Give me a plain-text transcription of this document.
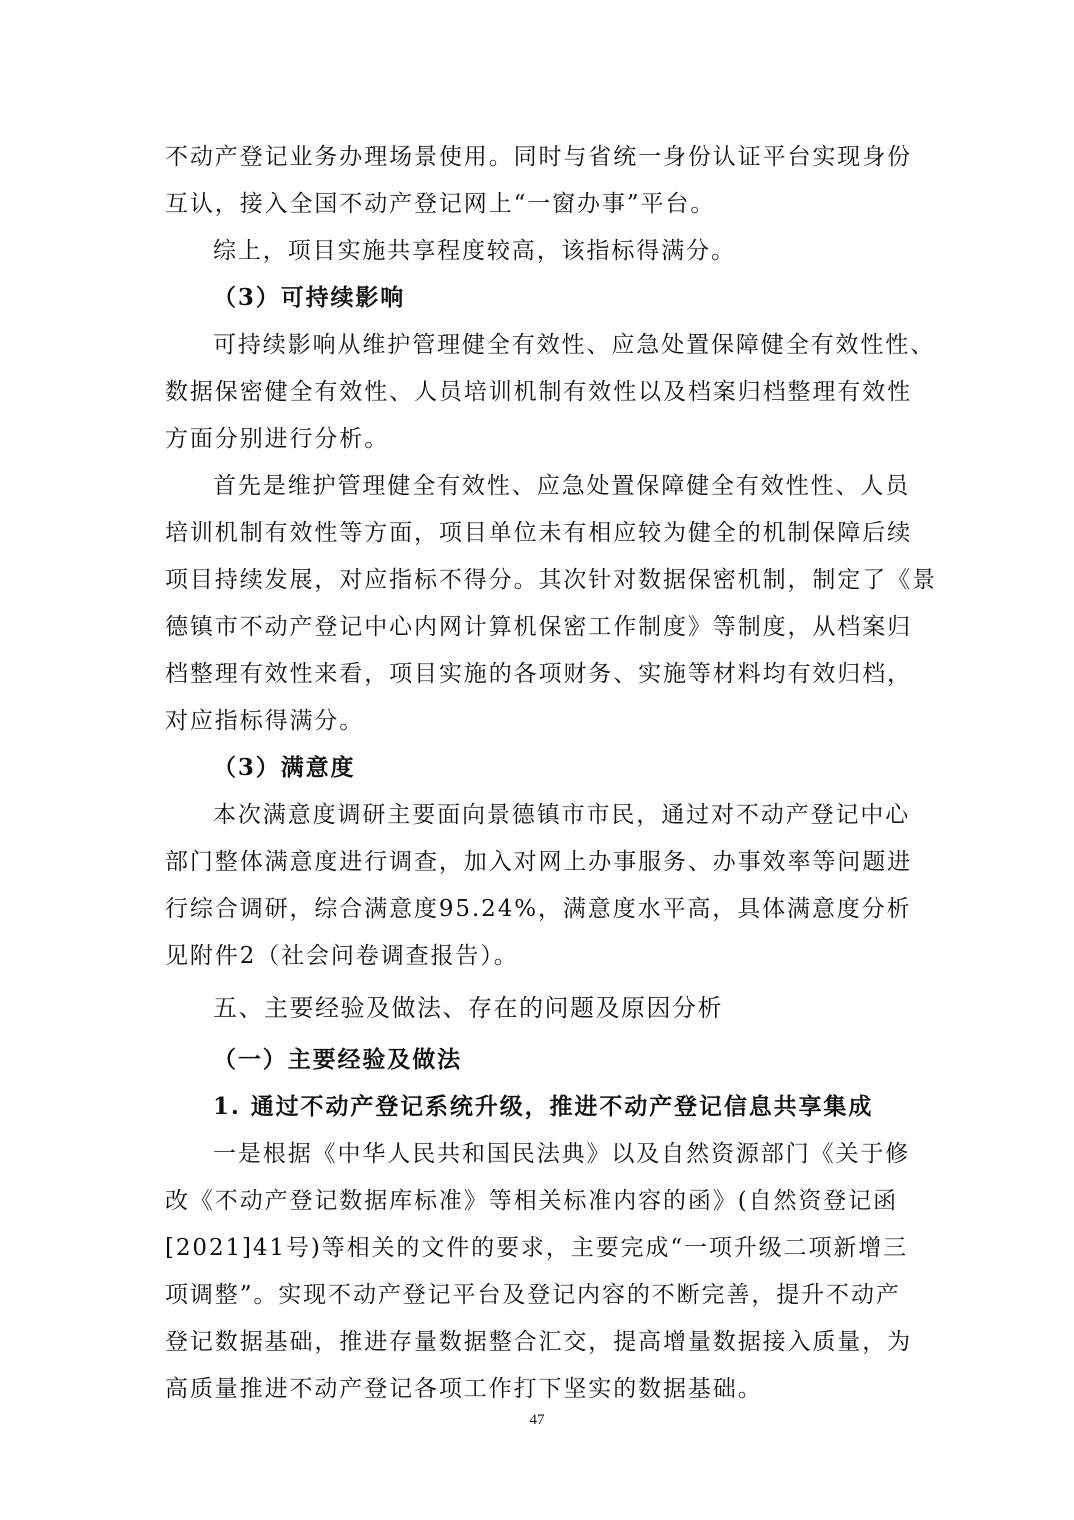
不动产登记业务办理场景使用。同时与省统一身份认证平台实现身份
互认，接入全国不动产登记网上“一窗办事”平台。
综上，项目实施共享程度较高，该指标得满分。
（3）可持续影响
可持续影响从维护管理健全有效性、应急处置保障健全有效性性、
数据保密健全有效性、人员培训机制有效性以及档案归档整理有效性
方面分别进行分析。
首先是维护管理健全有效性、应急处置保障健全有效性性、人员
培训机制有效性等方面，项目单位未有相应较为健全的机制保障后续
项目持续发展，对应指标不得分。其次针对数据保密机制，制定了《景
德镇市不动产登记中心内网计算机保密工作制度》等制度，从档案归
档整理有效性来看，项目实施的各项财务、实施等材料均有效归档，
对应指标得满分。
（3）满意度
本次满意度调研主要面向景德镇市市民，通过对不动产登记中心
部门整体满意度进行调查，加入对网上办事服务、办事效率等问题进
行综合调研，综合满意度95.24%，满意度水平高，具体满意度分析
见附件2（社会问卷调查报告）。
五、主要经验及做法、存在的问题及原因分析
（一）主要经验及做法
1. 通过不动产登记系统升级，推进不动产登记信息共享集成
一是根据《中华人民共和国民法典》以及自然资源部门《关于修
改《不动产登记数据库标准》等相关标准内容的函》(自然资登记函
[2021]41号)等相关的文件的要求，主要完成“一项升级二项新增三
项调整”。实现不动产登记平台及登记内容的不断完善，提升不动产
登记数据基础，推进存量数据整合汇交，提高增量数据接入质量，为
高质量推进不动产登记各项工作打下坚实的数据基础。
47
